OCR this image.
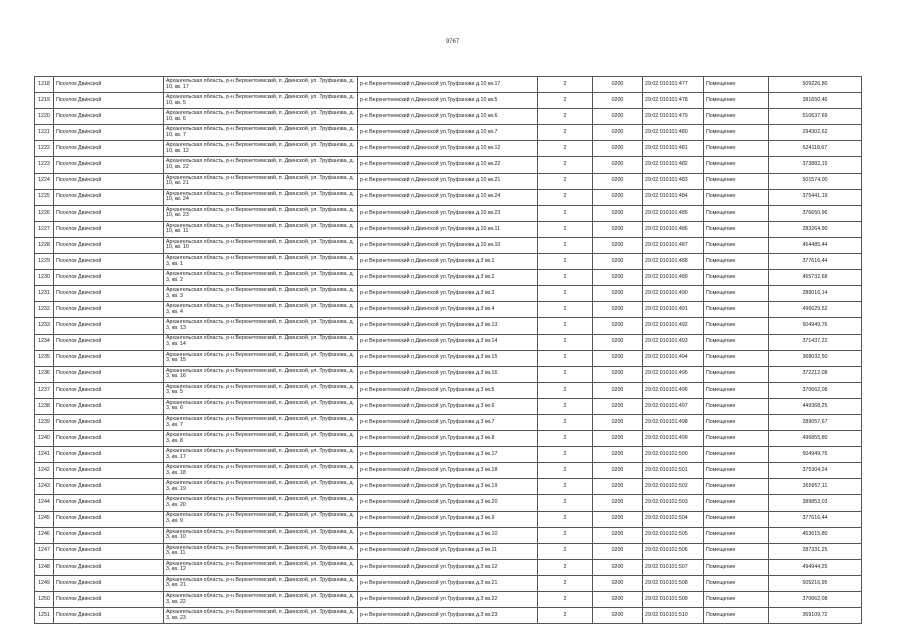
9767
1218	Поселок Двинской	Архангельская область, р-н Верхнетоемский, п. Двинской, ул. Труфанова, д. 10, кв. 17	р-н Верхнетоемский п.Двинской ул.Труфанова д.10 кв.17	2	0200	29:02:010101:477	Помещение	509226,80
1219	Поселок Двинской	Архангельская область, р-н Верхнетоемский, п. Двинской, ул. Труфанова, д. 10, кв. 5	р-н Верхнетоемский п.Двинской ул.Труфанова д.10 кв.5	2	0200	29:02:010101:478	Помещение	381650,46
1220	Поселок Двинской	Архангельская область, р-н Верхнетоемский, п. Двинской, ул. Труфанова, д. 10, кв. 6	р-н Верхнетоемский п.Двинской ул.Труфанова д.10 кв.6	2	0200	29:02:010101:479	Помещение	510637,69
1221	Поселок Двинской	Архангельская область, р-н Верхнетоемский, п. Двинской, ул. Труфанова, д. 10, кв. 7	р-н Верхнетоемский п.Двинской ул.Труфанова д.10 кв.7	2	0200	29:02:010101:480	Помещение	294302,62
1222	Поселок Двинской	Архангельская область, р-н Верхнетоемский, п. Двинской, ул. Труфанова, д. 10, кв. 12	р-н Верхнетоемский п.Двинской ул.Труфанова д.10 кв.12	2	0200	29:02:010101:481	Помещение	524118,67
1223	Поселок Двинской	Архангельская область, р-н Верхнетоемский, п. Двинской, ул. Труфанова, д. 10, кв. 22	р-н Верхнетоемский п.Двинской ул.Труфанова д.10 кв.22	2	0200	29:02:010101:482	Помещение	373882,15
1224	Поселок Двинской	Архангельская область, р-н Верхнетоемский, п. Двинской, ул. Труфанова, д. 10, кв. 21	р-н Верхнетоемский п.Двинской ул.Труфанова д.10 кв.21	2	0200	29:02:010101:483	Помещение	501574,00
1225	Поселок Двинской	Архангельская область, р-н Верхнетоемский, п. Двинской, ул. Труфанова, д. 10, кв. 24	р-н Верхнетоемский п.Двинской ул.Труфанова д.10 кв.24	2	0200	29:02:010101:484	Помещение	375441,19
1226	Поселок Двинской	Архангельская область, р-н Верхнетоемский, п. Двинской, ул. Труфанова, д. 10, кв. 23	р-н Верхнетоемский п.Двинской ул.Труфанова д.10 кв.23	2	0200	29:02:010101:485	Помещение	376650,96
1227	Поселок Двинской	Архангельская область, р-н Верхнетоемский, п. Двинской, ул. Труфанова, д. 10, кв. 11	р-н Верхнетоемский п.Двинской ул.Труфанова д.10 кв.11	2	0200	29:02:010101:486	Помещение	283264,90
1228	Поселок Двинской	Архангельская область, р-н Верхнетоемский, п. Двинской, ул. Труфанова, д. 10, кв. 10	р-н Верхнетоемский п.Двинской ул.Труфанова д.10 кв.10	2	0200	29:02:010101:487	Помещение	454485,44
1229	Поселок Двинской	Архангельская область, р-н Верхнетоемский, п. Двинской, ул. Труфанова, д. 3, кв. 1	р-н Верхнетоемский п.Двинской ул.Труфанова д.3 кв.1	2	0200	29:02:010101:488	Помещение	377616,44
1230	Поселок Двинской	Архангельская область, р-н Верхнетоемский, п. Двинской, ул. Труфанова, д. 3, кв. 2	р-н Верхнетоемский п.Двинской ул.Труфанова д.3 кв.2	2	0200	29:02:010101:489	Помещение	455732,68
1231	Поселок Двинской	Архангельская область, р-н Верхнетоемский, п. Двинской, ул. Труфанова, д. 3, кв. 3	р-н Верхнетоемский п.Двинской ул.Труфанова д.3 кв.3	2	0200	29:02:010101:490	Помещение	289016,14
1232	Поселок Двинской	Архангельская область, р-н Верхнетоемский, п. Двинской, ул. Труфанова, д. 3, кв. 4	р-н Верхнетоемский п.Двинской ул.Труфанова д.3 кв.4	2	0200	29:02:010101:491	Помещение	496629,52
1233	Поселок Двинской	Архангельская область, р-н Верхнетоемский, п. Двинской, ул. Труфанова, д. 3, кв. 13	р-н Верхнетоемский п.Двинской ул.Труфанова д.3 кв.13	2	0200	29:02:010101:492	Помещение	504949,76
1234	Поселок Двинской	Архангельская область, р-н Верхнетоемский, п. Двинской, ул. Труфанова, д. 3, кв. 14	р-н Верхнетоемский п.Двинской ул.Труфанова д.3 кв.14	2	0200	29:02:010101:493	Помещение	371437,22
1235	Поселок Двинской	Архангельская область, р-н Верхнетоемский, п. Двинской, ул. Труфанова, д. 3, кв. 15	р-н Верхнетоемский п.Двинской ул.Труфанова д.3 кв.15	2	0200	29:02:010101:494	Помещение	368032,50
1236	Поселок Двинской	Архангельская область, р-н Верхнетоемский, п. Двинской, ул. Труфанова, д. 3, кв. 16	р-н Верхнетоемский п.Двинской ул.Труфанова д.3 кв.16	2	0200	29:02:010101:495	Помещение	372212,08
1237	Поселок Двинской	Архангельская область, р-н Верхнетоемский, п. Двинской, ул. Труфанова, д. 3, кв. 5	р-н Верхнетоемский п.Двинской ул.Труфанова д.3 кв.5	2	0200	29:02:010101:496	Помещение	370662,08
1238	Поселок Двинской	Архангельская область, р-н Верхнетоемский, п. Двинской, ул. Труфанова, д. 3, кв. 6	р-н Верхнетоемский п.Двинской ул.Труфанова д.3 кв.6	2	0200	29:02:010101:497	Помещение	449368,25
1239	Поселок Двинской	Архангельская область, р-н Верхнетоемский, п. Двинской, ул. Труфанова, д. 3, кв. 7	р-н Верхнетоемский п.Двинской ул.Труфанова д.3 кв.7	2	0200	29:02:010101:498	Помещение	289057,67
1240	Поселок Двинской	Архангельская область, р-н Верхнетоемский, п. Двинской, ул. Труфанова, д. 3, кв. 8	р-н Верхнетоемский п.Двинской ул.Труфанова д.3 кв.8	2	0200	29:02:010101:499	Помещение	496855,80
1241	Поселок Двинской	Архангельская область, р-н Верхнетоемский, п. Двинской, ул. Труфанова, д. 3, кв. 17	р-н Верхнетоемский п.Двинской ул.Труфанова д.3 кв.17	2	0200	29:02:010101:500	Помещение	504949,76
1242	Поселок Двинской	Архангельская область, р-н Верхнетоемский, п. Двинской, ул. Труфанова, д. 3, кв. 18	р-н Верхнетоемский п.Двинской ул.Труфанова д.3 кв.18	2	0200	29:02:010101:501	Помещение	375304,24
1243	Поселок Двинской	Архангельская область, р-н Верхнетоемский, п. Двинской, ул. Труфанова, д. 3, кв. 19	р-н Верхнетоемский п.Двинской ул.Труфанова д.3 кв.19	2	0200	29:02:010101:502	Помещение	365957,11
1244	Поселок Двинской	Архангельская область, р-н Верхнетоемский, п. Двинской, ул. Труфанова, д. 3, кв. 20	р-н Верхнетоемский п.Двинской ул.Труфанова д.3 кв.20	2	0200	29:02:010101:503	Помещение	389853,03
1245	Поселок Двинской	Архангельская область, р-н Верхнетоемский, п. Двинской, ул. Труфанова, д. 3, кв. 9	р-н Верхнетоемский п.Двинской ул.Труфанова д.3 кв.9	2	0200	29:02:010101:504	Помещение	377616,44
1246	Поселок Двинской	Архангельская область, р-н Верхнетоемский, п. Двинской, ул. Труфанова, д. 3, кв. 10	р-н Верхнетоемский п.Двинской ул.Труфанова д.3 кв.10	2	0200	29:02:010101:505	Помещение	453615,80
1247	Поселок Двинской	Архангельская область, р-н Верхнетоемский, п. Двинской, ул. Труфанова, д. 3, кв. 11	р-н Верхнетоемский п.Двинской ул.Труфанова д.3 кв.11	2	0200	29:02:010101:506	Помещение	287331,25
1248	Поселок Двинской	Архангельская область, р-н Верхнетоемский, п. Двинской, ул. Труфанова, д. 3, кв. 12	р-н Верхнетоемский п.Двинской ул.Труфанова д.3 кв.12	2	0200	29:02:010101:507	Помещение	494944,25
1249	Поселок Двинской	Архангельская область, р-н Верхнетоемский, п. Двинской, ул. Труфанова, д. 3, кв. 21	р-н Верхнетоемский п.Двинской ул.Труфанова д.3 кв.21	2	0200	29:02:010101:508	Помещение	505216,95
1250	Поселок Двинской	Архангельская область, р-н Верхнетоемский, п. Двинской, ул. Труфанова, д. 3, кв. 22	р-н Верхнетоемский п.Двинской ул.Труфанова д.3 кв.22	2	0200	29:02:010101:509	Помещение	370662,08
1251	Поселок Двинской	Архангельская область, р-н Верхнетоемский, п. Двинской, ул. Труфанова, д. 3, кв. 23	р-н Верхнетоемский п.Двинской ул.Труфанова д.3 кв.23	2	0200	29:02:010101:510	Помещение	369109,72
